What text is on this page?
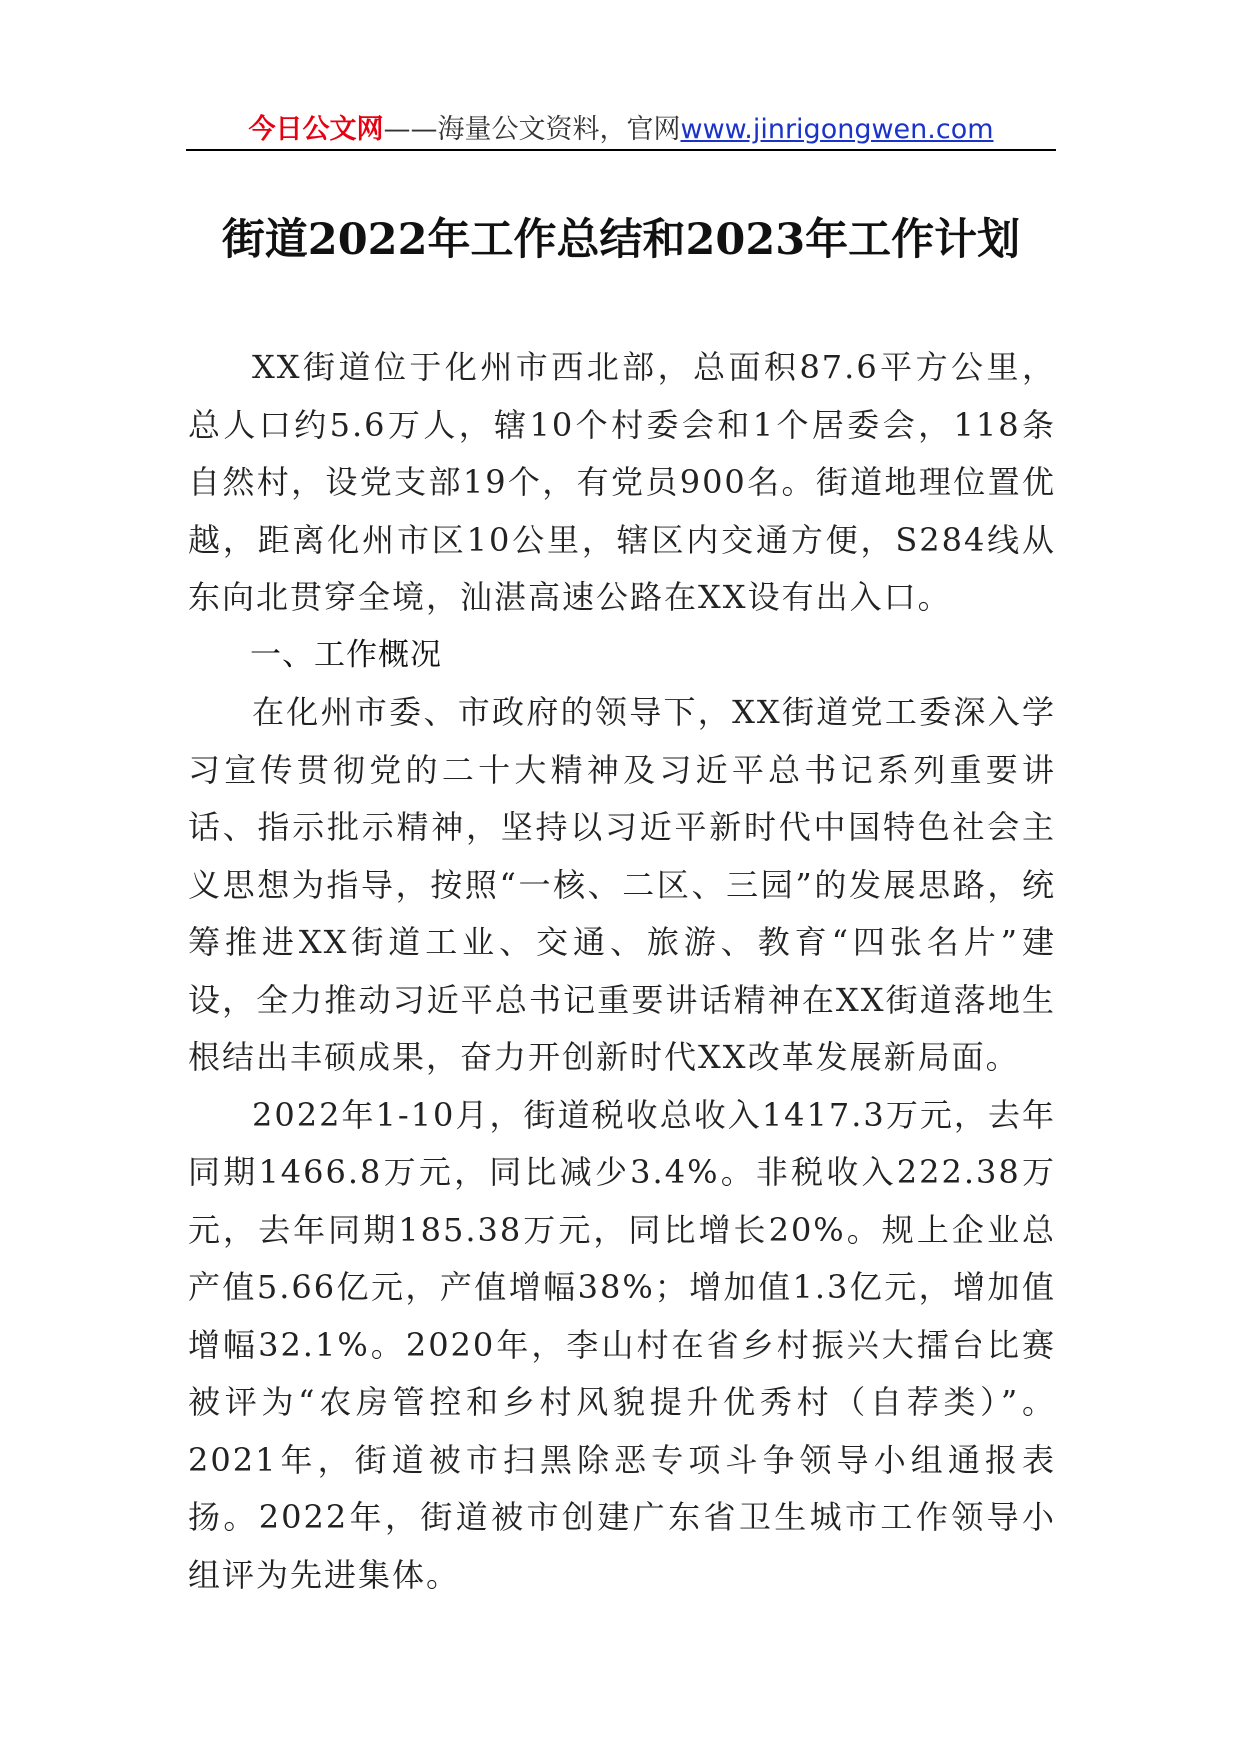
今日公文网 ——海量公文资料，官网 www.jinrigongwen.com
街道2022年工作总结和2023年工作计划

XX街道位于化州市西北部，总面积87.6平方公里，总人口约5.6万人，辖10个村委会和1个居委会，118条自然村，设党支部19个，有党员900名。街道地理位置优越，距离化州市区10公里，辖区内交通方便，S284线从东向北贯穿全境，汕湛高速公路在XX设有出入口。

一、工作概况

在化州市委、市政府的领导下，XX街道党工委深入学习宣传贯彻党的二十大精神及习近平总书记系列重要讲话、指示批示精神，坚持以习近平新时代中国特色社会主义思想为指导，按照“一核、二区、三园”的发展思路，统筹推进XX街道工业、交通、旅游、教育“四张名片”建设，全力推动习近平总书记重要讲话精神在XX街道落地生根结出丰硕成果，奋力开创新时代XX改革发展新局面。

2022年1-10月，街道税收总收入1417.3万元，去年同期1466.8万元，同比减少3.4%。非税收入222.38万元，去年同期185.38万元，同比增长20%。规上企业总产值5.66亿元，产值增幅38%；增加值1.3亿元，增加值增幅32.1%。2020年，李山村在省乡村振兴大擂台比赛被评为“农房管控和乡村风貌提升优秀村（自荐类）”。2021年，街道被市扫黑除恶专项斗争领导小组通报表扬。2022年，街道被市创建广东省卫生城市工作领导小组评为先进集体。
